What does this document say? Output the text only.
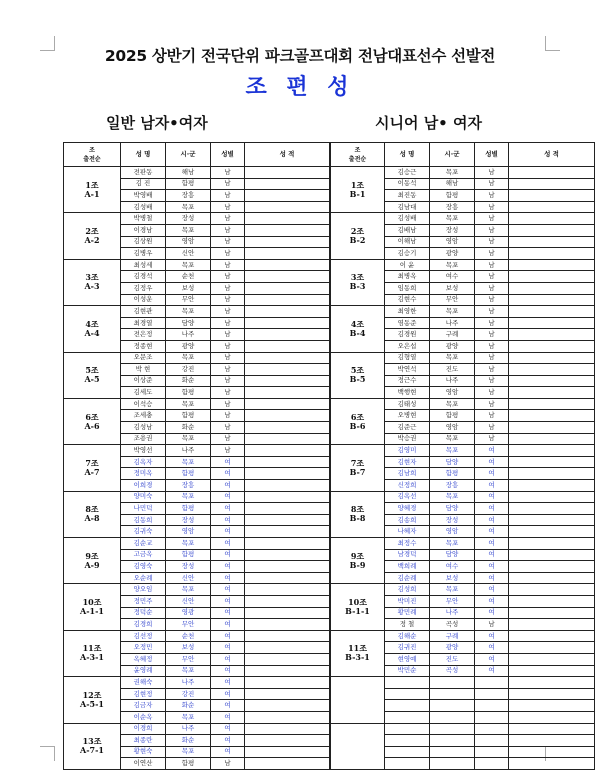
2025 상반기 전국단위 파크골프대회 전남대표선수 선발전
조 편 성
일반 남자•여자	시니어 남• 여자
조
출전순	성 명	시·군	성별	성 적

1조
A-1	전판동	해남	남	
	김 진	함평	남	
	박영배	장흥	남	
	김성배	목포	남	

2조
A-2	박병철	장성	남	
	이경남	목포	남	
	김상원	영암	남	
	김병우	신안	남	

3조
A-3	최성세	목포	남	
	김경석	순천	남	
	김정우	보성	남	
	이성운	무안	남	

4조
A-4	김현관	목포	남	
	최경열	담양	남	
	전은정	나주	남	
	정종현	광양	남	

5조
A-5	오문조	목포	남	
	박 현	강진	남	
	이상준	화순	남	
	김세도	함평	남	

6조
A-6	이석승	목포	남	
	조세충	함평	남	
	김성남	화순	남	
	조용권	목포	남	

7조
A-7	박영선	나주	남	
	김옥자	목포	여	
	정미옥	함평	여	
	이희경	장흥	여	

8조
A-8	양미숙	목포	여	
	나민덕	함평	여	
	김동희	장성	여	
	김귀숙	영암	여	

9조
A-9	김순교	목포	여	
	고금옥	함평	여	
	김영숙	장성	여	
	오순례	신안	여	

10조
A-1-1	양오임	목포	여	
	정민주	신안	여	
	정덕순	영광	여	
	김경희	무안	여	

11조
A-3-1	김선정	순천	여	
	오정민	보성	여	
	옥혜정	무안	여	
	윤영례	목포	여	

12조
A-5-1	권해숙	나주	여	
	김현정	강진	여	
	김금자	화순	여	
	이순옥	목포	여	

13조
A-7-1	이경희	나주	여	
	최종란	화순	여	
	황현숙	목포	여	
	이연산	함평	남	
조
출전순	성 명	시·군	성별	성 적

1조
B-1	김승근	목포	남	
	이동석	해남	남	
	최진동	함평	남	
	김남대	장흥	남	

2조
B-2	김성배	목포	남	
	김배남	장성	남	
	이해남	영암	남	
	김승기	광양	남	

3조
B-3	이 윤	목포	남	
	최병옥	여수	남	
	임동희	보성	남	
	김현수	무안	남	

4조
B-4	최영한	목포	남	
	염동준	나주	남	
	김경원	구례	남	
	오은섭	광양	남	

5조
B-5	김형열	목포	남	
	박연석	진도	남	
	정근수	나주	남	
	백행현	영암	남	

6조
B-6	김태성	목포	남	
	오병현	함평	남	
	김준근	영암	남	
	박승권	목포	남	

7조
B-7	김영미	목포	여	
	김현자	담양	여	
	김남희	함평	여	
	신정희	장흥	여	

8조
B-8	김옥선	목포	여	
	양혜경	담양	여	
	김송희	장성	여	
	나혜자	영암	여	

9조
B-9	최정수	목포	여	
	남경덕	담양	여	
	백희례	여수	여	
	김순례	보성	여	

10조
B-1-1	김성희	목포	여	
	박미진	무안	여	
	황민례	나주	여	
	정 철	곡성	남	

11조
B-3-1	김해순	구례	여	
	김귀진	광양	여	
	현영예	진도	여	
	박민순	곡성	여	
